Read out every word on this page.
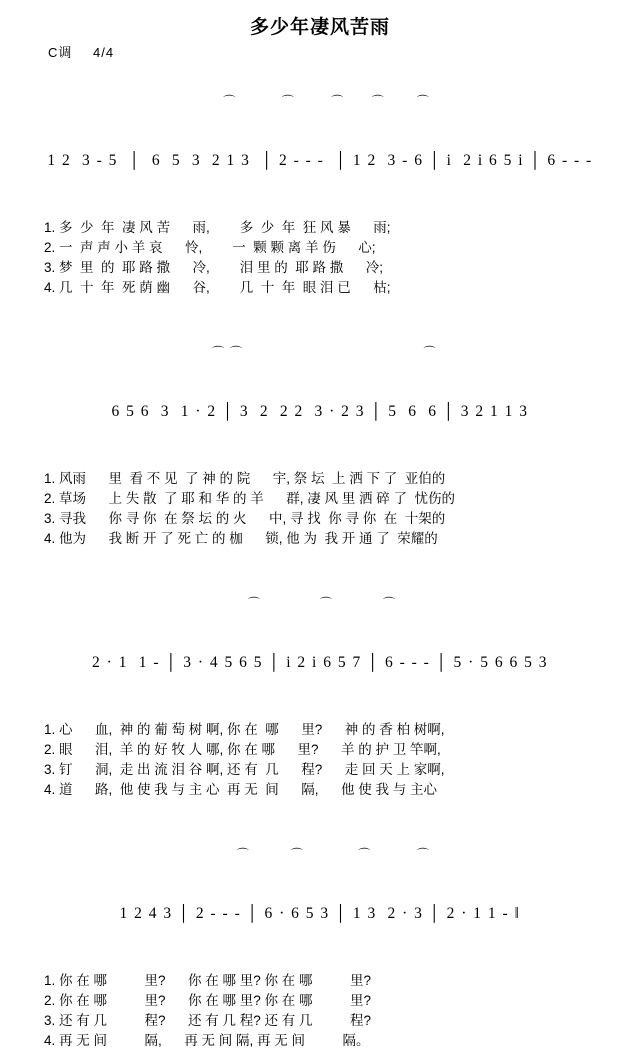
多少年凄风苦雨
C调 4/4

⌒          ⌒        ⌒      ⌒       ⌒

1 2  3 - 5  │  6  5  3  2 1 3  │ 2 - - -  │ 1 2  3 - 6 │ i  2 i 6 5 i │ 6 - - -

1. 多  少  年  凄 风 苦      雨,        多  少  年  狂 风 暴      雨;
2. 一  声 声 小 羊 哀      怜,        一  颗 颗 离 羊 伤      心;
3. 梦  里  的  耶 路 撒      冷,        泪 里 的  耶 路 撒      冷;
4. 几  十  年  死 荫 幽      谷,        几  十  年  眼 泪 已      枯;

⌒ ⌒                                        ⌒

6 5 6  3  1 · 2 │ 3  2  2 2  3 · 2 3 │ 5  6  6 │ 3 2 1 1 3

1. 风雨      里  看 不 见  了 神 的 院      宇, 祭 坛  上 洒 下 了  亚伯的
2. 草场      上 失 散  了 耶 和 华 的 羊      群, 凄 风 里 洒 碎 了  忧伤的
3. 寻我      你 寻 你  在 祭 坛 的 火      中, 寻 找  你 寻 你  在  十架的
4. 他为      我 断 开 了 死 亡 的 枷      锁, 他 为  我 开 通 了  荣耀的

⌒             ⌒           ⌒

2 · 1  1 - │ 3 · 4 5 6 5 │ i 2 i 6 5 7 │ 6 - - - │ 5 · 5 6 6 5 3

1. 心      血,  神 的 葡 萄 树 啊, 你 在  哪      里?      神 的 香 柏 树啊,
2. 眼      泪,  羊 的 好 牧 人 哪, 你 在 哪      里?      羊 的 护 卫 竿啊,
3. 钉      洞,  走 出 流 泪 谷 啊, 还 有  几      程?      走 回 天 上 家啊,
4. 道      路,  他 使 我 与 主 心  再 无  间      隔,      他 使 我 与 主心

⌒         ⌒            ⌒          ⌒

1 2 4 3 │ 2 - - - │ 6 · 6 5 3 │ 1 3  2 · 3 │ 2 · 1 1 - ‖

1. 你 在 哪          里?      你 在 哪 里? 你 在 哪          里?
2. 你 在 哪          里?      你 在 哪 里? 你 在 哪          里?
3. 还 有 几          程?      还 有 几 程? 还 有 几          程?
4. 再 无 间          隔,      再 无 间 隔, 再 无 间          隔。
